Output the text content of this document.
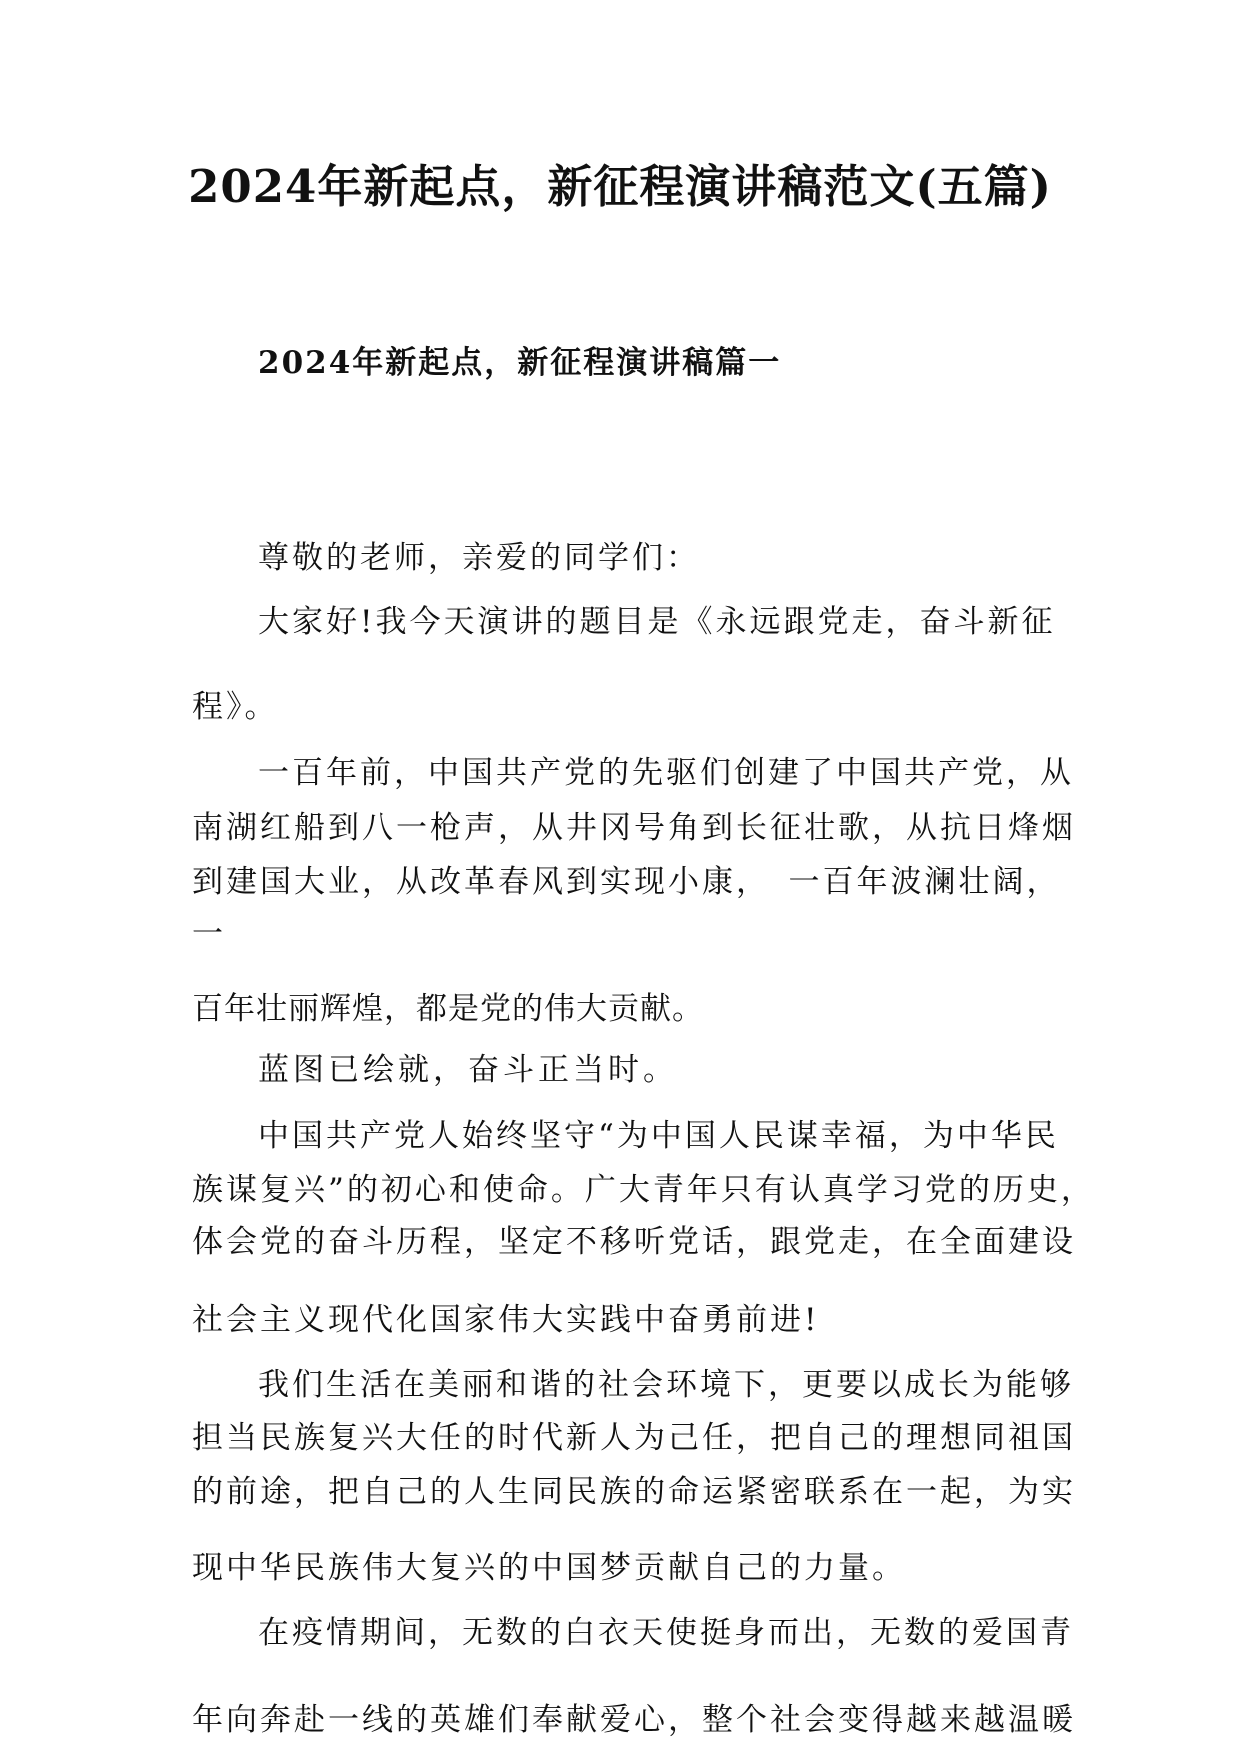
2024年新起点，新征程演讲稿范文(五篇)
2024年新起点，新征程演讲稿篇一
尊敬的老师，亲爱的同学们：
大家好!我今天演讲的题目是《永远跟党走，奋斗新征
程》。
一百年前，中国共产党的先驱们创建了中国共产党，从
南湖红船到八一枪声，从井冈号角到长征壮歌，从抗日烽烟
到建国大业，从改革春风到实现小康，　一百年波澜壮阔，
一
百年壮丽辉煌，都是党的伟大贡献。
蓝图已绘就，奋斗正当时。
中国共产党人始终坚守“为中国人民谋幸福，为中华民
族谋复兴”的初心和使命。广大青年只有认真学习党的历史，
体会党的奋斗历程，坚定不移听党话，跟党走，在全面建设
社会主义现代化国家伟大实践中奋勇前进!
我们生活在美丽和谐的社会环境下，更要以成长为能够
担当民族复兴大任的时代新人为己任，把自己的理想同祖国
的前途，把自己的人生同民族的命运紧密联系在一起，为实
现中华民族伟大复兴的中国梦贡献自己的力量。
在疫情期间，无数的白衣天使挺身而出，无数的爱国青
年向奔赴一线的英雄们奉献爱心，整个社会变得越来越温暖
